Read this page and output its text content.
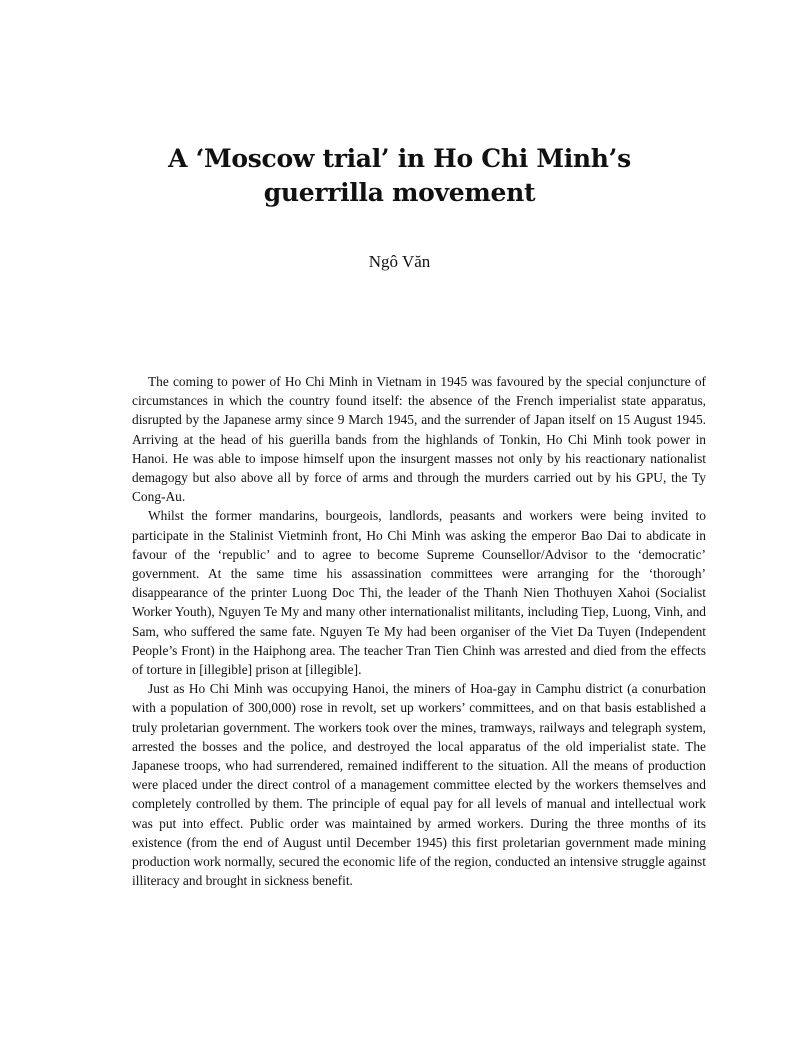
A ‘Moscow trial’ in Ho Chi Minh’s guerrilla movement

Ngô Văn

The coming to power of Ho Chi Minh in Vietnam in 1945 was favoured by the special conjuncture of circumstances in which the country found itself: the absence of the French imperialist state apparatus, disrupted by the Japanese army since 9 March 1945, and the surrender of Japan itself on 15 August 1945. Arriving at the head of his guerilla bands from the highlands of Tonkin, Ho Chi Minh took power in Hanoi. He was able to impose himself upon the insurgent masses not only by his reactionary nationalist demagogy but also above all by force of arms and through the murders carried out by his GPU, the Ty Cong-Au.

Whilst the former mandarins, bourgeois, landlords, peasants and workers were being invited to participate in the Stalinist Vietminh front, Ho Chi Minh was asking the emperor Bao Dai to abdicate in favour of the ‘republic’ and to agree to become Supreme Counsellor/Advisor to the ‘democratic’ government. At the same time his assassination committees were arranging for the ‘thorough’ disappearance of the printer Luong Doc Thi, the leader of the Thanh Nien Thothuyen Xahoi (Socialist Worker Youth), Nguyen Te My and many other internationalist militants, including Tiep, Luong, Vinh, and Sam, who suffered the same fate. Nguyen Te My had been organiser of the Viet Da Tuyen (Independent People’s Front) in the Haiphong area. The teacher Tran Tien Chinh was arrested and died from the effects of torture in [illegible] prison at [illegible].

Just as Ho Chi Minh was occupying Hanoi, the miners of Hoa-gay in Camphu district (a conurbation with a population of 300,000) rose in revolt, set up workers’ committees, and on that basis established a truly proletarian government. The workers took over the mines, tramways, railways and telegraph system, arrested the bosses and the police, and destroyed the local apparatus of the old imperialist state. The Japanese troops, who had surrendered, remained indifferent to the situation. All the means of production were placed under the direct control of a management committee elected by the workers themselves and completely controlled by them. The principle of equal pay for all levels of manual and intellectual work was put into effect. Public order was maintained by armed workers. During the three months of its existence (from the end of August until December 1945) this first proletarian government made mining production work normally, secured the economic life of the region, conducted an intensive struggle against illiteracy and brought in sickness benefit.
